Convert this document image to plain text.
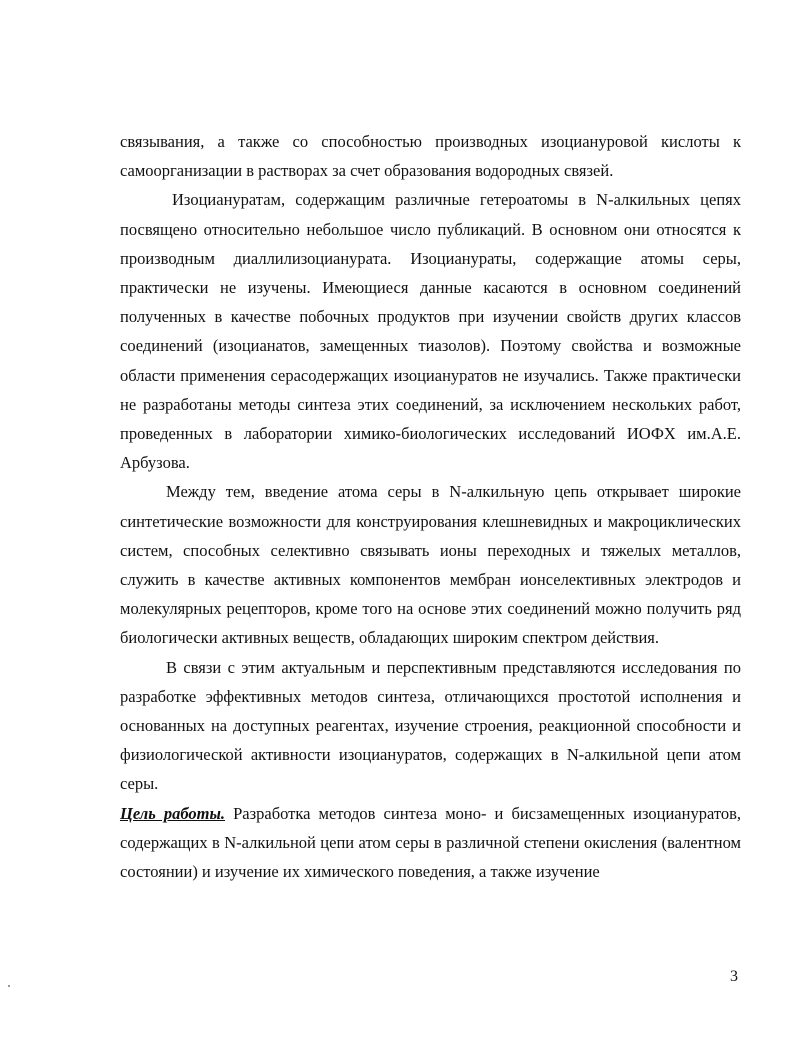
связывания, а также со способностью производных изоциануровой кислоты к самоорганизации в растворах за счет образования водородных связей.

Изоциануратам, содержащим различные гетероатомы в N-алкильных цепях посвящено относительно небольшое число публикаций. В основном они относятся к производным диаллилизоцианурата. Изоцианураты, содержащие атомы серы, практически не изучены. Имеющиеся данные касаются в основном соединений полученных в качестве побочных продуктов при изучении свойств других классов соединений (изоцианатов, замещенных тиазолов). Поэтому свойства и возможные области применения серасодержащих изоциануратов не изучались. Также практически не разработаны методы синтеза этих соединений, за исключением нескольких работ, проведенных в лаборатории химико-биологических исследований ИОФХ им.А.Е. Арбузова.

Между тем, введение атома серы в N-алкильную цепь открывает широкие синтетические возможности для конструирования клешневидных и макроциклических систем, способных селективно связывать ионы переходных и тяжелых металлов, служить в качестве активных компонентов мембран ионселективных электродов и молекулярных рецепторов, кроме того на основе этих соединений можно получить ряд биологически активных веществ, обладающих широким спектром действия.

В связи с этим актуальным и перспективным представляются исследования по разработке эффективных методов синтеза, отличающихся простотой исполнения и основанных на доступных реагентах, изучение строения, реакционной способности и физиологической активности изоциануратов, содержащих в N-алкильной цепи атом серы.

Цель работы. Разработка методов синтеза моно- и бисзамещенных изоциануратов, содержащих в N-алкильной цепи атом серы в различной степени окисления (валентном состоянии) и изучение их химического поведения, а также изучение

3
